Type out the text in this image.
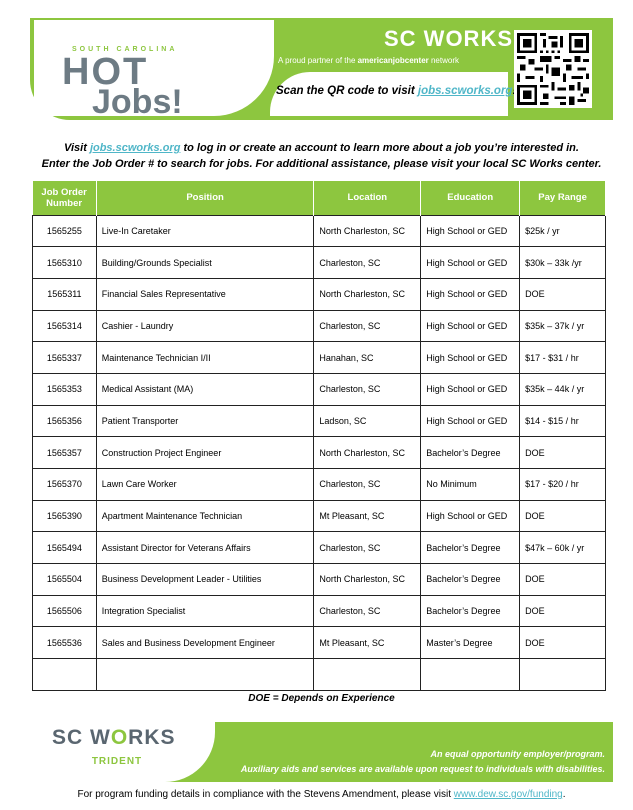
SOUTH CAROLINA
HOT
Jobs!
SC WORKS
A proud partner of the americanjobcenter network
Scan the QR code to visit jobs.scworks.org
Visit jobs.scworks.org to log in or create an account to learn more about a job you’re interested in.
Enter the Job Order # to search for jobs. For additional assistance, please visit your local SC Works center.
Job Order Number	Position	Location	Education	Pay Range
1565255	Live-In Caretaker	North Charleston, SC	High School or GED	$25k / yr
1565310	Building/Grounds Specialist	Charleston, SC	High School or GED	$30k – 33k /yr
1565311	Financial Sales Representative	North Charleston, SC	High School or GED	DOE
1565314	Cashier - Laundry	Charleston, SC	High School or GED	$35k – 37k / yr
1565337	Maintenance Technician I/II	Hanahan, SC	High School or GED	$17 - $31 / hr
1565353	Medical Assistant (MA)	Charleston, SC	High School or GED	$35k – 44k / yr
1565356	Patient Transporter	Ladson, SC	High School or GED	$14 - $15 / hr
1565357	Construction Project Engineer	North Charleston, SC	Bachelor’s Degree	DOE
1565370	Lawn Care Worker	Charleston, SC	No Minimum	$17 - $20 / hr
1565390	Apartment Maintenance Technician	Mt Pleasant, SC	High School or GED	DOE
1565494	Assistant Director for Veterans Affairs	Charleston, SC	Bachelor’s Degree	$47k – 60k / yr
1565504	Business Development Leader - Utilities	North Charleston, SC	Bachelor’s Degree	DOE
1565506	Integration Specialist	Charleston, SC	Bachelor’s Degree	DOE
1565536	Sales and Business Development Engineer	Mt Pleasant, SC	Master’s Degree	DOE

DOE = Depends on Experience
SC WORKS
TRIDENT
An equal opportunity employer/program.
Auxiliary aids and services are available upon request to individuals with disabilities.
For program funding details in compliance with the Stevens Amendment, please visit www.dew.sc.gov/funding.
